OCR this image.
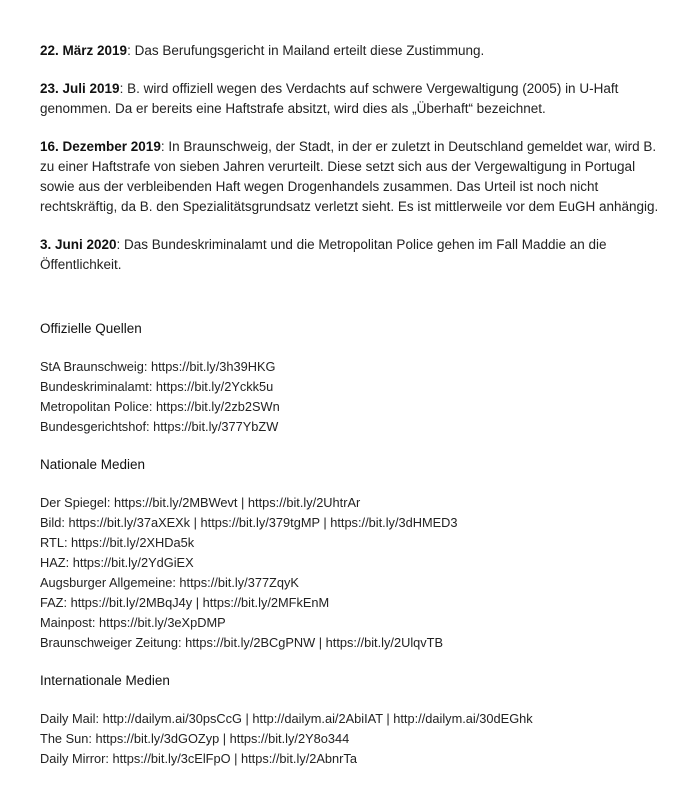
22. März 2019: Das Berufungsgericht in Mailand erteilt diese Zustimmung.

23. Juli 2019: B. wird offiziell wegen des Verdachts auf schwere Vergewaltigung (2005) in U-Haft genommen. Da er bereits eine Haftstrafe absitzt, wird dies als „Überhaft“ bezeichnet.

16. Dezember 2019: In Braunschweig, der Stadt, in der er zuletzt in Deutschland gemeldet war, wird B. zu einer Haftstrafe von sieben Jahren verurteilt. Diese setzt sich aus der Vergewaltigung in Portugal sowie aus der verbleibenden Haft wegen Drogenhandels zusammen. Das Urteil ist noch nicht rechtskräftig, da B. den Spezialitätsgrundsatz verletzt sieht. Es ist mittlerweile vor dem EuGH anhängig.

3. Juni 2020: Das Bundeskriminalamt und die Metropolitan Police gehen im Fall Maddie an die Öffentlichkeit.

Offizielle Quellen
StA Braunschweig: https://bit.ly/3h39HKG
Bundeskriminalamt: https://bit.ly/2Yckk5u
Metropolitan Police: https://bit.ly/2zb2SWn
Bundesgerichtshof: https://bit.ly/377YbZW
Nationale Medien
Der Spiegel: https://bit.ly/2MBWevt | https://bit.ly/2UhtrAr
Bild: https://bit.ly/37aXEXk | https://bit.ly/379tgMP | https://bit.ly/3dHMED3
RTL: https://bit.ly/2XHDa5k
HAZ: https://bit.ly/2YdGiEX
Augsburger Allgemeine: https://bit.ly/377ZqyK
FAZ: https://bit.ly/2MBqJ4y | https://bit.ly/2MFkEnM
Mainpost: https://bit.ly/3eXpDMP
Braunschweiger Zeitung: https://bit.ly/2BCgPNW | https://bit.ly/2UlqvTB
Internationale Medien
Daily Mail: http://dailym.ai/30psCcG | http://dailym.ai/2AbiIAT | http://dailym.ai/30dEGhk
The Sun: https://bit.ly/3dGOZyp | https://bit.ly/2Y8o344
Daily Mirror: https://bit.ly/3cElFpO | https://bit.ly/2AbnrTa
